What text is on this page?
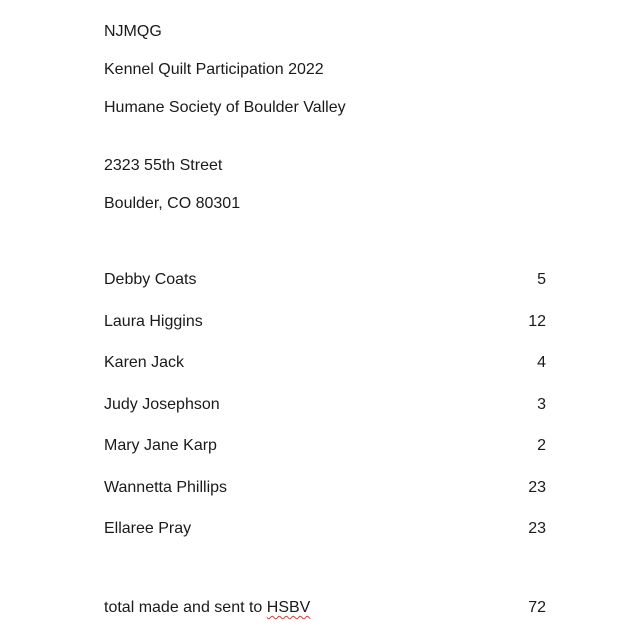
NJMQG
Kennel Quilt Participation 2022
Humane Society of Boulder Valley
2323 55th Street
Boulder, CO 80301
Debby Coats	5
Laura Higgins	12
Karen Jack	4
Judy Josephson	3
Mary Jane Karp	2
Wannetta Phillips	23
Ellaree Pray	23
total made and sent to HSBV	72
